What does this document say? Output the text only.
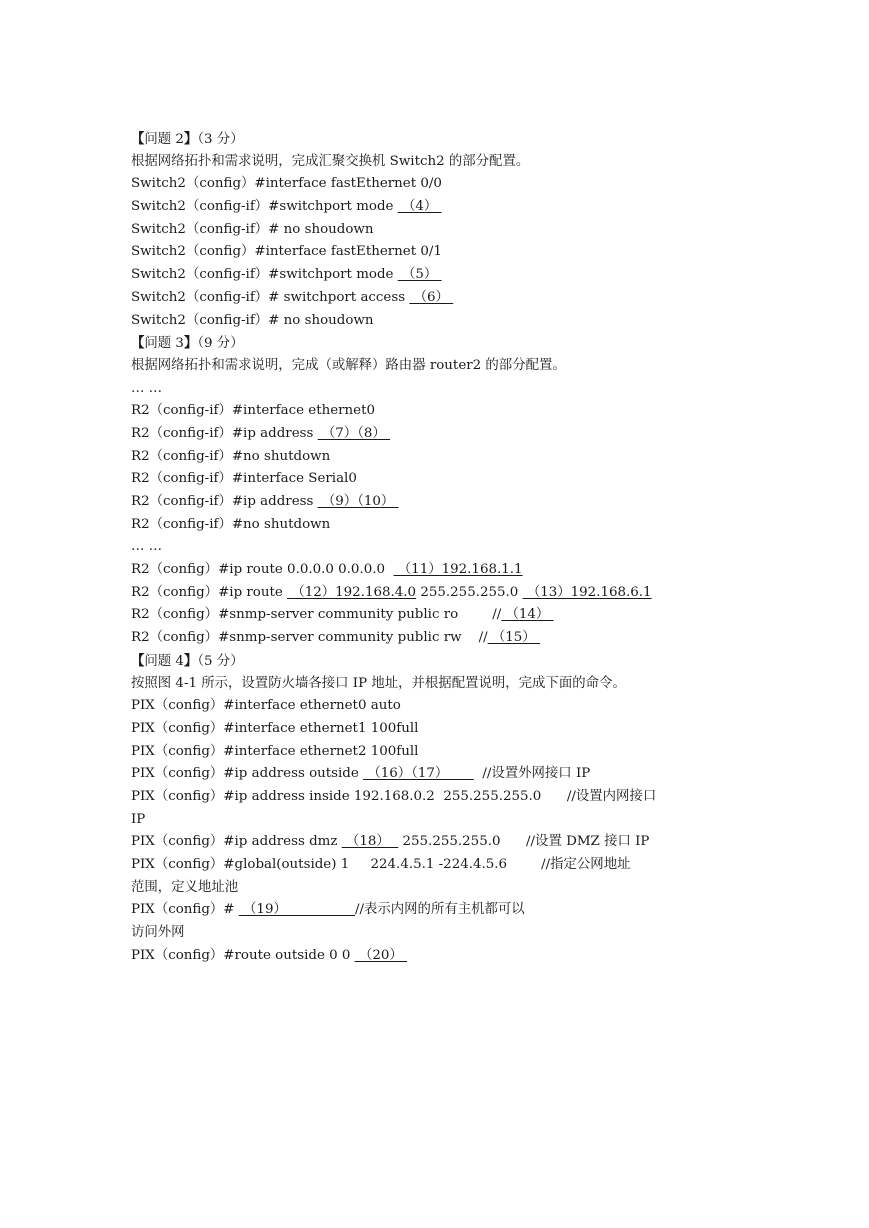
【问题 2】（3 分）
根据网络拓扑和需求说明，完成汇聚交换机 Switch2 的部分配置。
Switch2（config）#interface fastEthernet 0/0
Switch2（config-if）#switchport mode  （4）
Switch2（config-if）# no shoudown
Switch2（config）#interface fastEthernet 0/1
Switch2（config-if）#switchport mode  （5）
Switch2（config-if）# switchport access  （6）
Switch2（config-if）# no shoudown
【问题 3】（9 分）
根据网络拓扑和需求说明，完成（或解释）路由器 router2 的部分配置。
… …
R2（config-if）#interface ethernet0
R2（config-if）#ip address  （7）（8）
R2（config-if）#no shutdown
R2（config-if）#interface Serial0
R2（config-if）#ip address  （9）（10）
R2（config-if）#no shutdown
… …
R2（config）#ip route 0.0.0.0 0.0.0.0   （11）192.168.1.1
R2（config）#ip route  （12）192.168.4.0 255.255.255.0  （13）192.168.6.1
R2（config）#snmp-server community public ro        // （14）
R2（config）#snmp-server community public rw    // （15）
【问题 4】（5 分）
按照图 4-1 所示，设置防火墙各接口 IP 地址，并根据配置说明，完成下面的命令。
PIX（config）#interface ethernet0 auto
PIX（config）#interface ethernet1 100full
PIX（config）#interface ethernet2 100full
PIX（config）#ip address outside  （16）（17）        //设置外网接口 IP
PIX（config）#ip address inside 192.168.0.2  255.255.255.0      //设置内网接口
IP
PIX（config）#ip address dmz  （18）   255.255.255.0      //设置 DMZ 接口 IP
PIX（config）#global(outside) 1     224.4.5.1 -224.4.5.6        //指定公网地址
范围，定义地址池
PIX（config）#  （19）                //表示内网的所有主机都可以
访问外网
PIX（config）#route outside 0 0  （20）
